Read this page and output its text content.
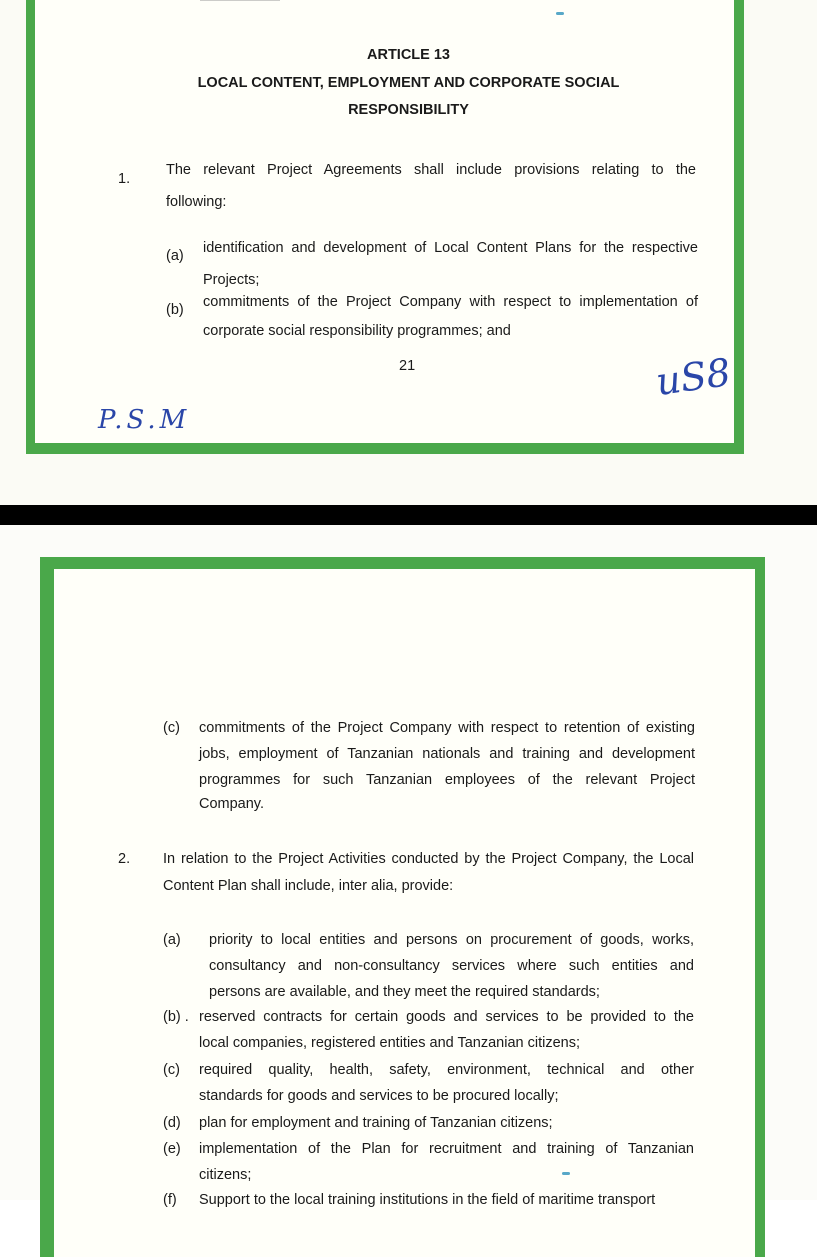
ARTICLE 13
LOCAL CONTENT, EMPLOYMENT AND CORPORATE SOCIAL
RESPONSIBILITY
1.
The relevant Project Agreements shall include provisions relating to the
following:
(a) identification and development of Local Content Plans for the respective
Projects;
(b) commitments of the Project Company with respect to implementation of
corporate social responsibility programmes; and
21
P.S.M
uS8
(c) commitments of the Project Company with respect to retention of existing
jobs, employment of Tanzanian nationals and training and development
programmes for such Tanzanian employees of the relevant Project
Company.
2. In relation to the Project Activities conducted by the Project Company, the Local
Content Plan shall include, inter alia, provide:
(a) priority to local entities and persons on procurement of goods, works,
consultancy and non-consultancy services where such entities and
persons are available, and they meet the required standards;
(b) . reserved contracts for certain goods and services to be provided to the
local companies, registered entities and Tanzanian citizens;
(c) required quality, health, safety, environment, technical and other
standards for goods and services to be procured locally;
(d) plan for employment and training of Tanzanian citizens;
(e) implementation of the Plan for recruitment and training of Tanzanian
citizens;
(f) Support to the local training institutions in the field of maritime transport
